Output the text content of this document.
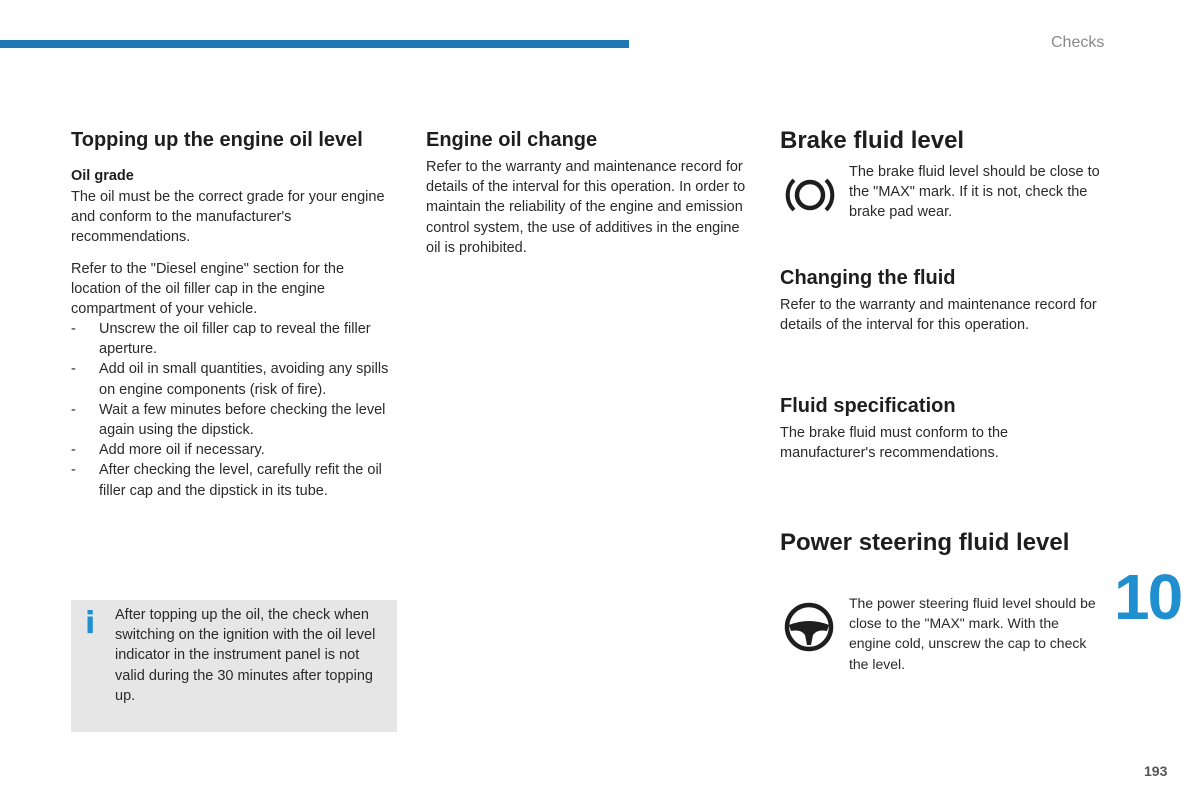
Checks
Topping up the engine oil level
Oil grade

The oil must be the correct grade for your engine and conform to the manufacturer's recommendations.

Refer to the "Diesel engine" section for the location of the oil filler cap in the engine compartment of your vehicle.

- Unscrew the oil filler cap to reveal the filler aperture.
- Add oil in small quantities, avoiding any spills on engine components (risk of fire).
- Wait a few minutes before checking the level again using the dipstick.
- Add more oil if necessary.
- After checking the level, carefully refit the oil filler cap and the dipstick in its tube.
i After topping up the oil, the check when switching on the ignition with the oil level indicator in the instrument panel is not valid during the 30 minutes after topping up.
Engine oil change

Refer to the warranty and maintenance record for details of the interval for this operation. In order to maintain the reliability of the engine and emission control system, the use of additives in the engine oil is prohibited.

Brake fluid level

The brake fluid level should be close to the "MAX" mark. If it is not, check the brake pad wear.

Changing the fluid

Refer to the warranty and maintenance record for details of the interval for this operation.

Fluid specification

The brake fluid must conform to the manufacturer's recommendations.

Power steering fluid level

The power steering fluid level should be close to the "MAX" mark. With the engine cold, unscrew the cap to check the level.

10
193
